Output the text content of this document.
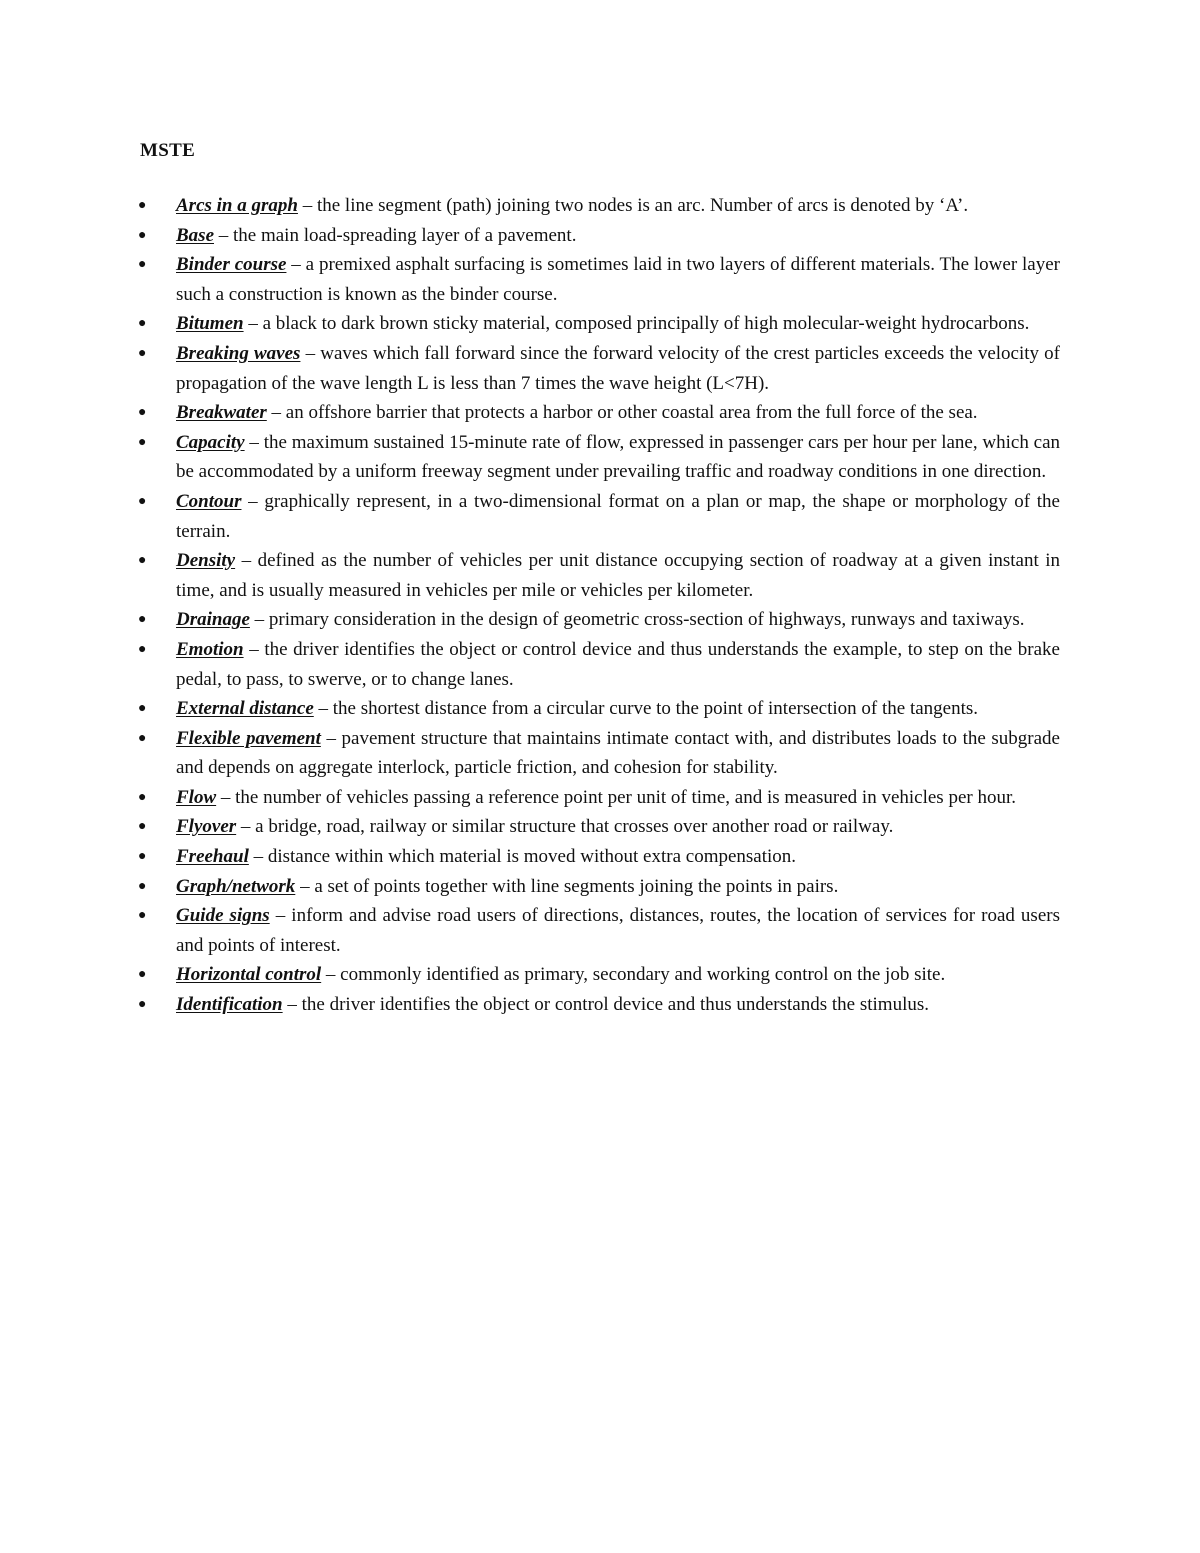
MSTE
● Arcs in a graph – the line segment (path) joining two nodes is an arc. Number of arcs is denoted by ‘A’.
● Base – the main load-spreading layer of a pavement.
● Binder course – a premixed asphalt surfacing is sometimes laid in two layers of different materials. The lower layer such a construction is known as the binder course.
● Bitumen – a black to dark brown sticky material, composed principally of high molecular-weight hydrocarbons.
● Breaking waves – waves which fall forward since the forward velocity of the crest particles exceeds the velocity of propagation of the wave length L is less than 7 times the wave height (L<7H).
● Breakwater – an offshore barrier that protects a harbor or other coastal area from the full force of the sea.
● Capacity – the maximum sustained 15-minute rate of flow, expressed in passenger cars per hour per lane, which can be accommodated by a uniform freeway segment under prevailing traffic and roadway conditions in one direction.
● Contour – graphically represent, in a two-dimensional format on a plan or map, the shape or morphology of the terrain.
● Density – defined as the number of vehicles per unit distance occupying section of roadway at a given instant in time, and is usually measured in vehicles per mile or vehicles per kilometer.
● Drainage – primary consideration in the design of geometric cross-section of highways, runways and taxiways.
● Emotion – the driver identifies the object or control device and thus understands the example, to step on the brake pedal, to pass, to swerve, or to change lanes.
● External distance – the shortest distance from a circular curve to the point of intersection of the tangents.
● Flexible pavement – pavement structure that maintains intimate contact with, and distributes loads to the subgrade and depends on aggregate interlock, particle friction, and cohesion for stability.
● Flow – the number of vehicles passing a reference point per unit of time, and is measured in vehicles per hour.
● Flyover – a bridge, road, railway or similar structure that crosses over another road or railway.
● Freehaul – distance within which material is moved without extra compensation.
● Graph/network – a set of points together with line segments joining the points in pairs.
● Guide signs – inform and advise road users of directions, distances, routes, the location of services for road users and points of interest.
● Horizontal control – commonly identified as primary, secondary and working control on the job site.
● Identification – the driver identifies the object or control device and thus understands the stimulus.
